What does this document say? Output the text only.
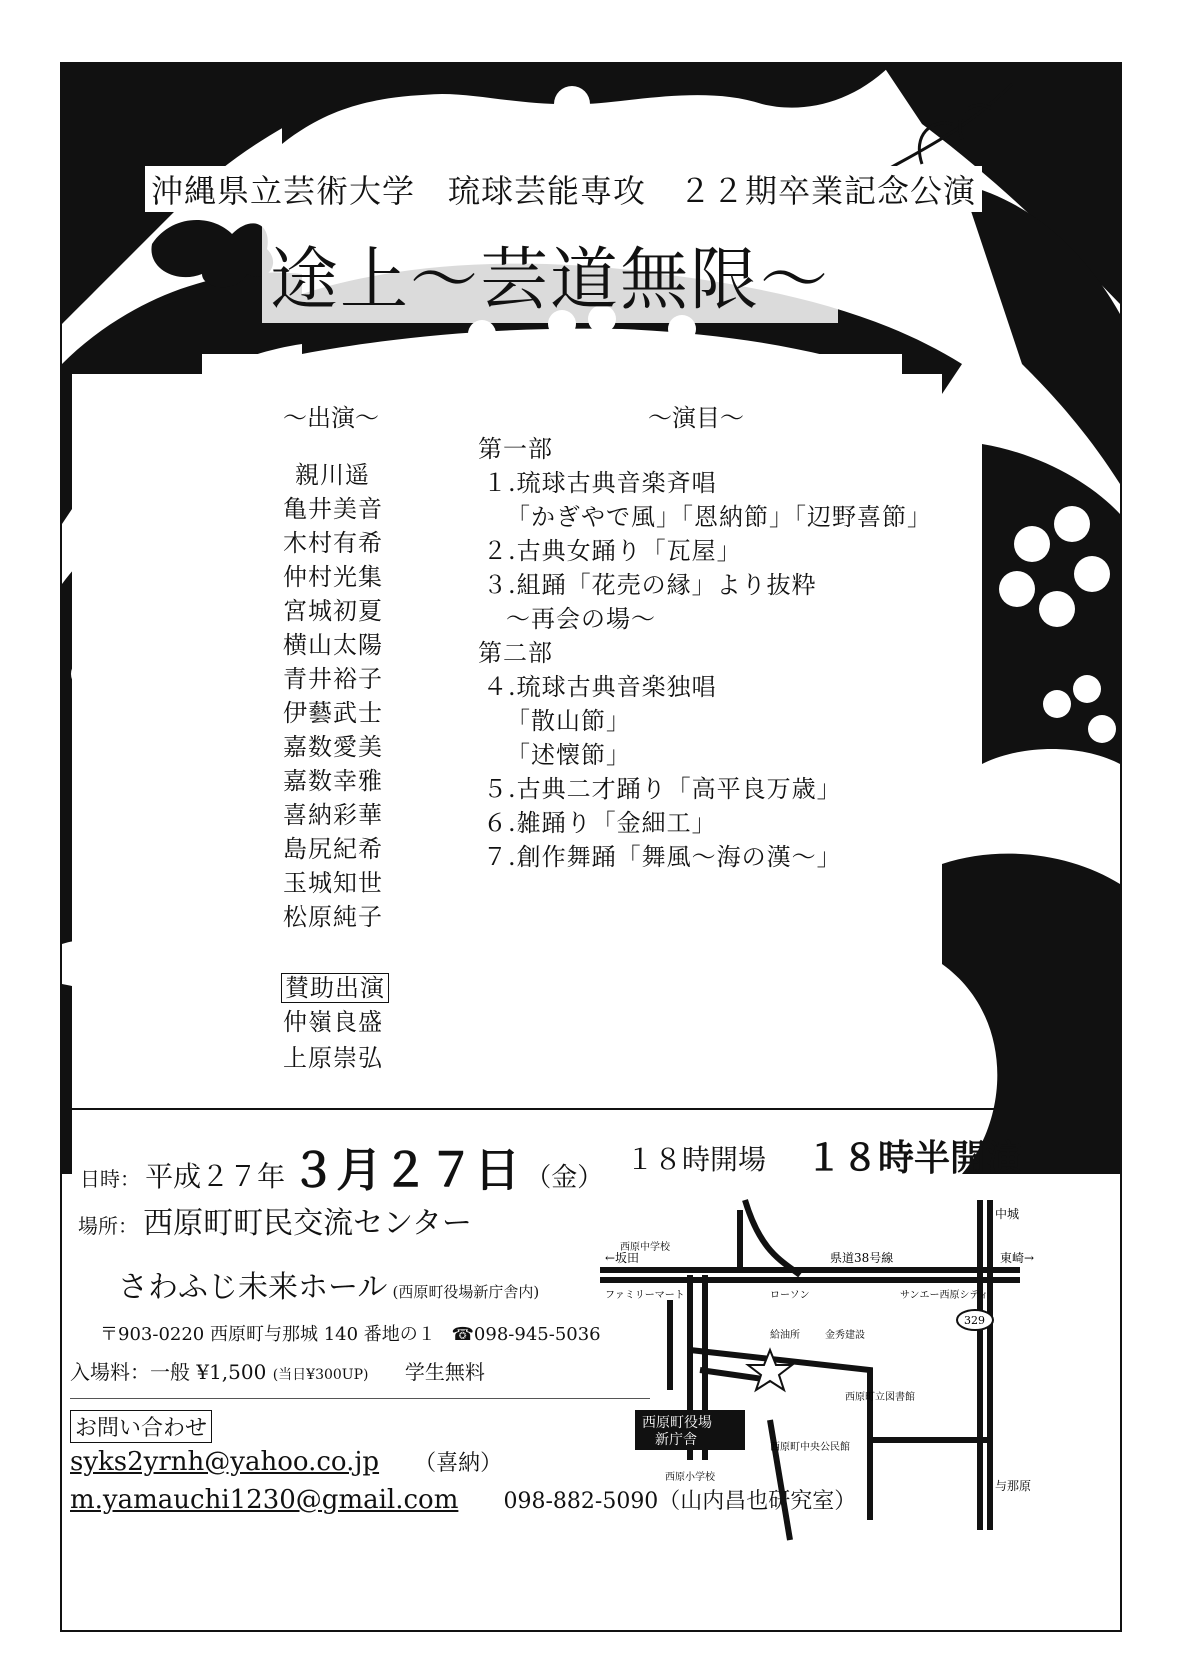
沖縄県立芸術大学　琉球芸能専攻　２２期卒業記念公演
途上～芸道無限～
～出演～	～演目～
親川遥
亀井美音
木村有希
仲村光集
宮城初夏
横山太陽
青井裕子
伊藝武士
嘉数愛美
嘉数幸雅
喜納彩華
島尻紀希
玉城知世
松原純子
賛助出演
仲嶺良盛
上原崇弘
第一部
１.琉球古典音楽斉唱
「かぎやで風」「恩納節」「辺野喜節」
２.古典女踊り「瓦屋」
３.組踊「花売の縁」より抜粋
～再会の場～
第二部
４.琉球古典音楽独唱
「散山節」
「述懐節」
５.古典二才踊り「高平良万歳」
６.雑踊り「金細工」
７.創作舞踊「舞風～海の漢～」
日時： 平成２７年 ３月２７日 （金）
１８時開場 １８時半開演
場所： 西原町町民交流センター
さわふじ未来ホール (西原町役場新庁舎内)
〒903-0220 西原町与那城 140 番地の１ ☎098-945-5036
入場料：一般 ¥1,500 (当日¥300UP) 学生無料
お問い合わせ
syks2yrnh@yahoo.co.jp （喜納）
m.yamauchi1230@gmail.com 098-882-5090（山内昌也研究室）
県道38号線
←坂田	東崎→
中城
与那原
ローソン
ファミリーマート
給油所	金秀建設
サンエー西原シティ
西原町立図書館
西原町中央公民館
西原小学校
西原中学校
西原町役場
新庁舎
329
